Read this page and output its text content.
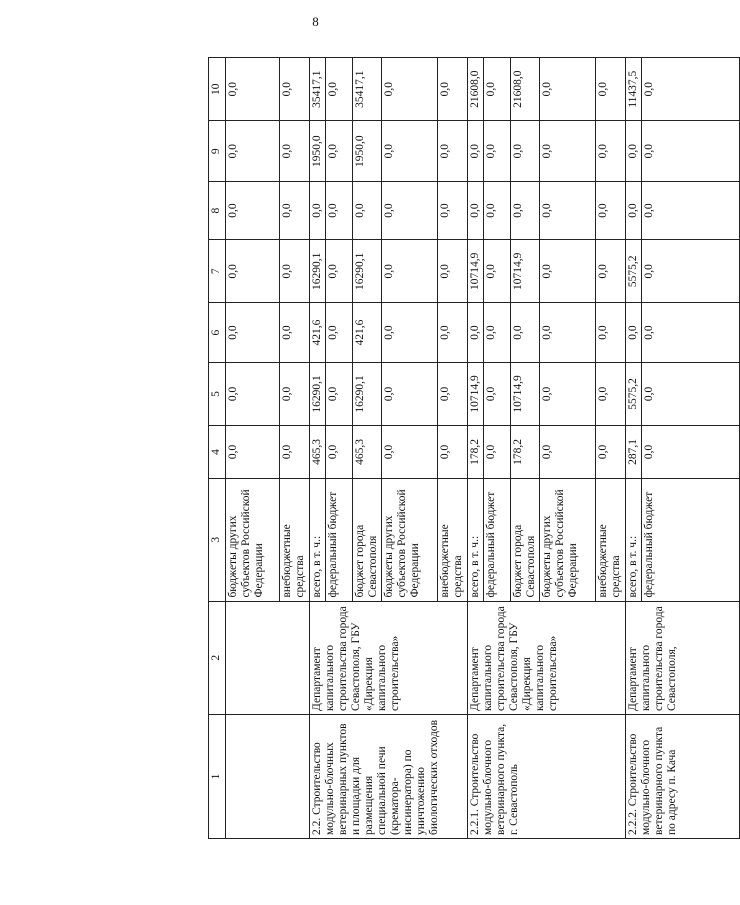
8
1	2	3	4	5	6	7	8	9	10
		бюджеты других субъектов Российской Федерации	0,0	0,0	0,0	0,0	0,0	0,0	0,0
		внебюджетные средства	0,0	0,0	0,0	0,0	0,0	0,0	0,0
2.2. Строительство модульно-блочных ветеринарных пунктов и площадки для размещения специальной печи (крематора-инсинератора) по уничтожению биологических отходов	Департамент капитального строительства города Севастополя, ГБУ «Дирекция капитального строительства»	всего, в т. ч.:	465,3	16290,1	421,6	16290,1	0,0	1950,0	35417,1
		федеральный бюджет	0,0	0,0	0,0	0,0	0,0	0,0	0,0
		бюджет города Севастополя	465,3	16290,1	421,6	16290,1	0,0	1950,0	35417,1
		бюджеты других субъектов Российской Федерации	0,0	0,0	0,0	0,0	0,0	0,0	0,0
		внебюджетные средства	0,0	0,0	0,0	0,0	0,0	0,0	0,0
2.2.1. Строительство модульно-блочного ветеринарного пункта, г. Севастополь	Департамент капитального строительства города Севастополя, ГБУ «Дирекция капитального строительства»	всего, в т. ч.:	178,2	10714,9	0,0	10714,9	0,0	0,0	21608,0
		федеральный бюджет	0,0	0,0	0,0	0,0	0,0	0,0	0,0
		бюджет города Севастополя	178,2	10714,9	0,0	10714,9	0,0	0,0	21608,0
		бюджеты других субъектов Российской Федерации	0,0	0,0	0,0	0,0	0,0	0,0	0,0
		внебюджетные средства	0,0	0,0	0,0	0,0	0,0	0,0	0,0
2.2.2. Строительство модульно-блочного ветеринарного пункта по адресу п. Кача	Департамент капитального строительства города Севастополя,	всего, в т. ч.:	287,1	5575,2	0,0	5575,2	0,0	0,0	11437,5
		федеральный бюджет	0,0	0,0	0,0	0,0	0,0	0,0	0,0
